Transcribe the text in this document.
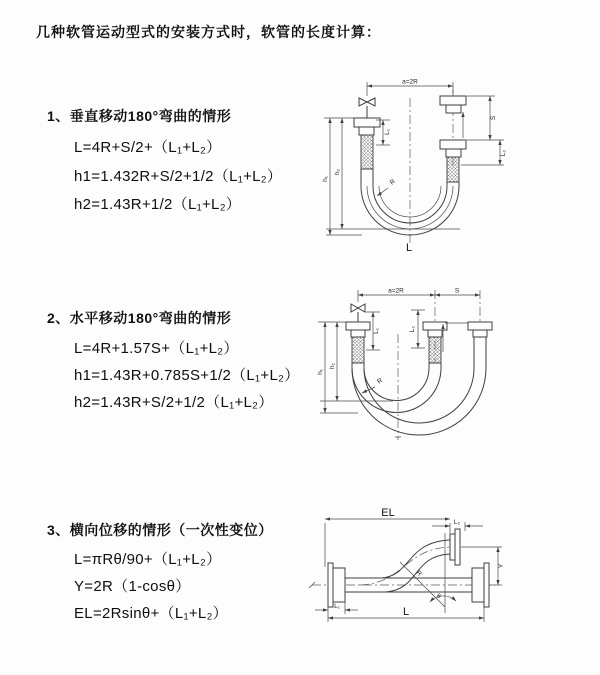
几种软管运动型式的安装方式时，软管的长度计算：
1、垂直移动180°弯曲的情形
L=4R+S/2+（L₁+L₂）
h1=1.432R+S/2+1/2（L₁+L₂）
h2=1.43R+1/2（L₁+L₂）
2、水平移动180°弯曲的情形
L=4R+1.57S+（L₁+L₂）
h1=1.43R+0.785S+1/2（L₁+L₂）
h2=1.43R+S/2+1/2（L₁+L₂）
3、横向位移的情形（一次性变位）
L=πRθ/90+（L₁+L₂）
Y=2R（1-cosθ）
EL=2Rsinθ+（L₁+L₂）
a=2R
h₁
h₂
L₁
S
L₂
R
L
a=2R	S
L₁	L₂
h₁
h₂
R
θ
R
EL
L₂
Y
L₁	L
